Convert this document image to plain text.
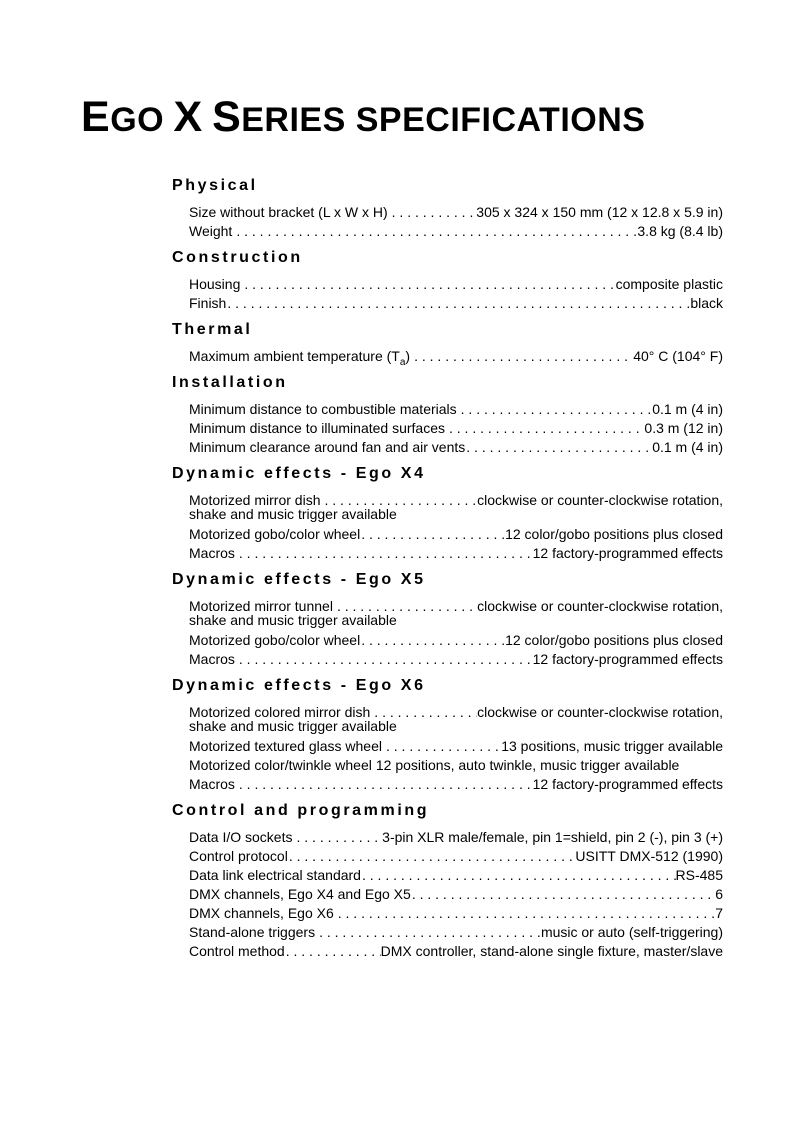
EGO X SERIES SPECIFICATIONS
Physical
Size without bracket (L x W x H) . . .	305 x 324 x 150 mm (12 x 12.8 x 5.9 in)
Weight . . .	3.8 kg (8.4 lb)
Construction
Housing . . .	composite plastic
Finish . . .	black
Thermal
Maximum ambient temperature $(T_a)$ . . .	40° C (104° F)
Installation
Minimum distance to combustible materials . . .	0.1 m (4 in)
Minimum distance to illuminated surfaces . . .	0.3 m (12 in)
Minimum clearance around fan and air vents . . .	0.1 m (4 in)
Dynamic effects - Ego X4
Motorized mirror dish . . .	clockwise or counter-clockwise rotation,
shake and music trigger available
Motorized gobo/color wheel . . .	12 color/gobo positions plus closed
Macros . . .	12 factory-programmed effects
Dynamic effects - Ego X5
Motorized mirror tunnel . . .	clockwise or counter-clockwise rotation,
shake and music trigger available
Motorized gobo/color wheel . . .	12 color/gobo positions plus closed
Macros . . .	12 factory-programmed effects
Dynamic effects - Ego X6
Motorized colored mirror dish . . .	clockwise or counter-clockwise rotation,
shake and music trigger available
Motorized textured glass wheel . . .	13 positions, music trigger available
Motorized color/twinkle wheel 12 positions, auto twinkle, music trigger available
Macros . . .	12 factory-programmed effects
Control and programming
Data I/O sockets . . .	3-pin XLR male/female, pin 1=shield, pin 2 (-), pin 3 (+)
Control protocol . . .	USITT DMX-512 (1990)
Data link electrical standard . . .	RS-485
DMX channels, Ego X4 and Ego X5 . . .	6
DMX channels, Ego X6 . . .	7
Stand-alone triggers . . .	music or auto (self-triggering)
Control method . . .	DMX controller, stand-alone single fixture, master/slave
